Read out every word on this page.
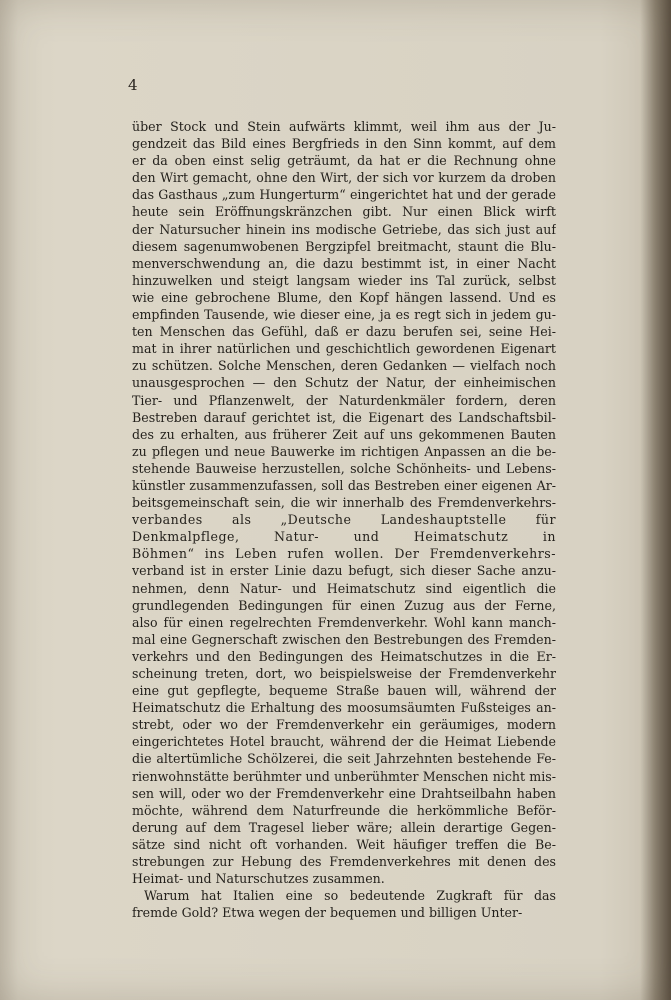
4
über Stock und Stein aufwärts klimmt, weil ihm aus der Ju-
gendzeit das Bild eines Bergfrieds in den Sinn kommt, auf dem
er da oben einst selig geträumt, da hat er die Rechnung ohne
den Wirt gemacht, ohne den Wirt, der sich vor kurzem da droben
das Gasthaus „zum Hungerturm“ eingerichtet hat und der gerade
heute sein Eröffnungskränzchen gibt. Nur einen Blick wirft
der Natursucher hinein ins modische Getriebe, das sich just auf
diesem sagenumwobenen Bergzipfel breitmacht, staunt die Blu-
menverschwendung an, die dazu bestimmt ist, in einer Nacht
hinzuwelken und steigt langsam wieder ins Tal zurück, selbst
wie eine gebrochene Blume, den Kopf hängen lassend. Und es
empfinden Tausende, wie dieser eine, ja es regt sich in jedem gu-
ten Menschen das Gefühl, daß er dazu berufen sei, seine Hei-
mat in ihrer natürlichen und geschichtlich gewordenen Eigenart
zu schützen. Solche Menschen, deren Gedanken — vielfach noch
unausgesprochen — den Schutz der Natur, der einheimischen
Tier- und Pflanzenwelt, der Naturdenkmäler fordern, deren
Bestreben darauf gerichtet ist, die Eigenart des Landschaftsbil-
des zu erhalten, aus früherer Zeit auf uns gekommenen Bauten
zu pflegen und neue Bauwerke im richtigen Anpassen an die be-
stehende Bauweise herzustellen, solche Schönheits- und Lebens-
künstler zusammenzufassen, soll das Bestreben einer eigenen Ar-
beitsgemeinschaft sein, die wir innerhalb des Fremdenverkehrs-
verbandes als „Deutsche Landeshauptstelle für
Denkmalpflege, Natur- und Heimatschutz in
Böhmen“ ins Leben rufen wollen. Der Fremdenverkehrs-
verband ist in erster Linie dazu befugt, sich dieser Sache anzu-
nehmen, denn Natur- und Heimatschutz sind eigentlich die
grundlegenden Bedingungen für einen Zuzug aus der Ferne,
also für einen regelrechten Fremdenverkehr. Wohl kann manch-
mal eine Gegnerschaft zwischen den Bestrebungen des Fremden-
verkehrs und den Bedingungen des Heimatschutzes in die Er-
scheinung treten, dort, wo beispielsweise der Fremdenverkehr
eine gut gepflegte, bequeme Straße bauen will, während der
Heimatschutz die Erhaltung des moosumsäumten Fußsteiges an-
strebt, oder wo der Fremdenverkehr ein geräumiges, modern
eingerichtetes Hotel braucht, während der die Heimat Liebende
die altertümliche Schölzerei, die seit Jahrzehnten bestehende Fe-
rienwohnstätte berühmter und unberühmter Menschen nicht mis-
sen will, oder wo der Fremdenverkehr eine Drahtseilbahn haben
möchte, während dem Naturfreunde die herkömmliche Beför-
derung auf dem Tragesel lieber wäre; allein derartige Gegen-
sätze sind nicht oft vorhanden. Weit häufiger treffen die Be-
strebungen zur Hebung des Fremdenverkehres mit denen des
Heimat- und Naturschutzes zusammen.
Warum hat Italien eine so bedeutende Zugkraft für das
fremde Gold? Etwa wegen der bequemen und billigen Unter-
